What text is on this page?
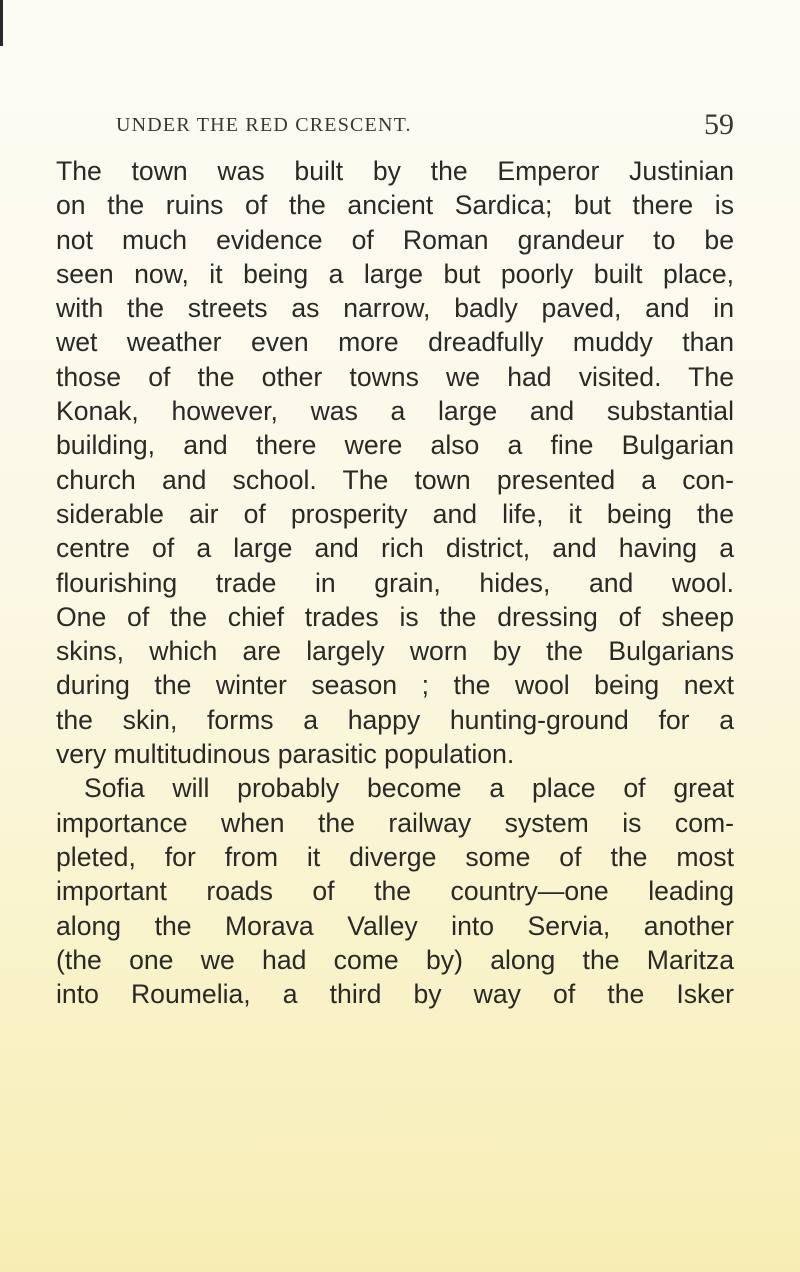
UNDER THE RED CRESCENT.	59
The town was built by the Emperor Justinian
on the ruins of the ancient Sardica; but there is
not much evidence of Roman grandeur to be
seen now, it being a large but poorly built place,
with the streets as narrow, badly paved, and in
wet weather even more dreadfully muddy than
those of the other towns we had visited. The
Konak, however, was a large and substantial
building, and there were also a fine Bulgarian
church and school. The town presented a con-
siderable air of prosperity and life, it being the
centre of a large and rich district, and having a
flourishing trade in grain, hides, and wool.
One of the chief trades is the dressing of sheep
skins, which are largely worn by the Bulgarians
during the winter season ; the wool being next
the skin, forms a happy hunting-ground for a
very multitudinous parasitic population.
Sofia will probably become a place of great
importance when the railway system is com-
pleted, for from it diverge some of the most
important roads of the country—one leading
along the Morava Valley into Servia, another
(the one we had come by) along the Maritza
into Roumelia, a third by way of the Isker
